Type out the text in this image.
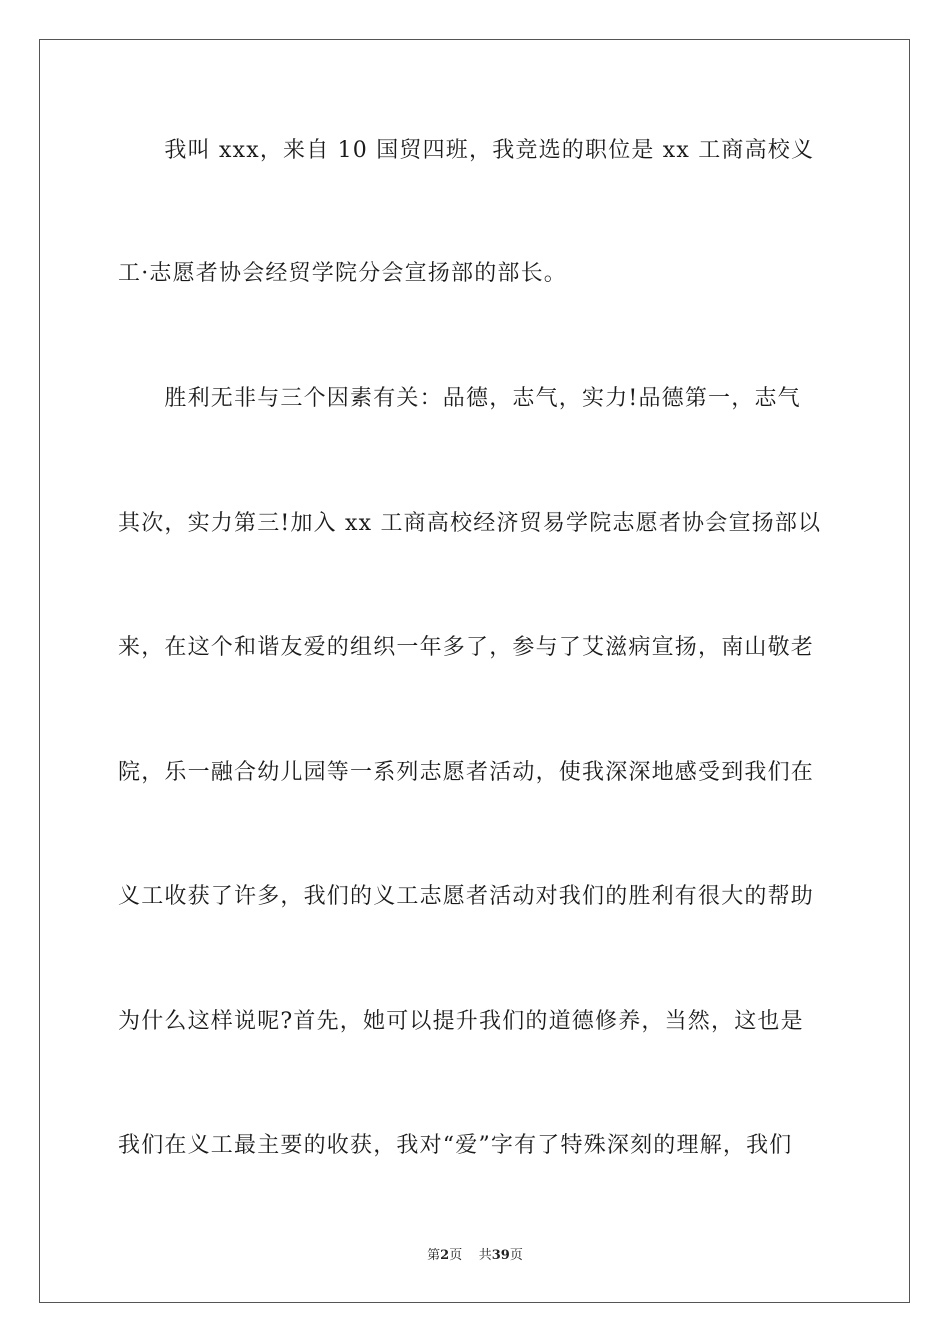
　　我叫 xxx，来自 10 国贸四班，我竞选的职位是 xx 工商高校义
工·志愿者协会经贸学院分会宣扬部的部长。
　　胜利无非与三个因素有关：品德，志气，实力!品德第一，志气
其次，实力第三!加入 xx 工商高校经济贸易学院志愿者协会宣扬部以
来，在这个和谐友爱的组织一年多了，参与了艾滋病宣扬，南山敬老
院，乐一融合幼儿园等一系列志愿者活动，使我深深地感受到我们在
义工收获了许多，我们的义工志愿者活动对我们的胜利有很大的帮助
为什么这样说呢?首先，她可以提升我们的道德修养，当然，这也是
我们在义工最主要的收获，我对“爱”字有了特殊深刻的理解，我们
第2页 共39页
